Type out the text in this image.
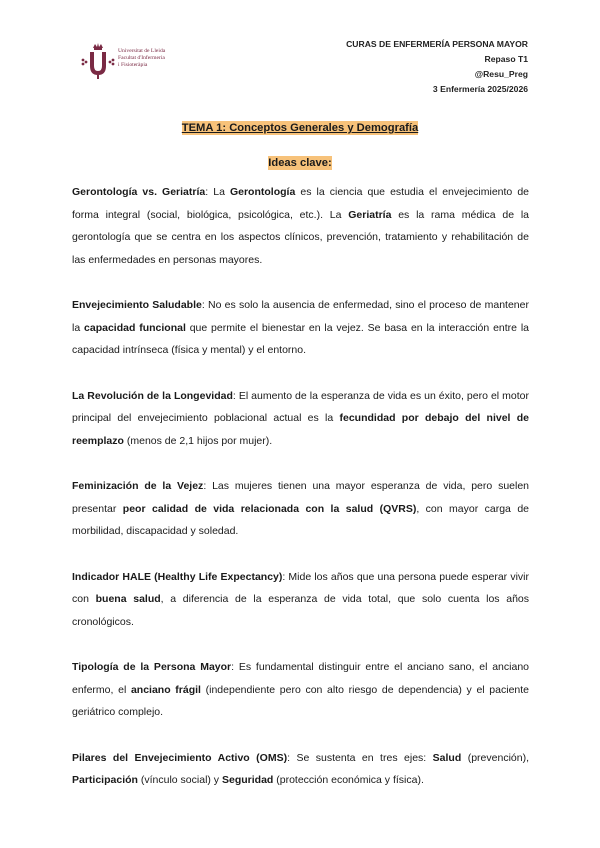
Universitat de Lleida
Facultat d'Infermeria
i Fisioteràpia
CURAS DE ENFERMERÍA PERSONA MAYOR
Repaso T1
@Resu_Preg
3 Enfermería 2025/2026
TEMA 1: Conceptos Generales y Demografía
Ideas clave:

Gerontología vs. Geriatría: La Gerontología es la ciencia que estudia el envejecimiento de forma integral (social, biológica, psicológica, etc.). La Geriatría es la rama médica de la gerontología que se centra en los aspectos clínicos, prevención, tratamiento y rehabilitación de las enfermedades en personas mayores.

Envejecimiento Saludable: No es solo la ausencia de enfermedad, sino el proceso de mantener la capacidad funcional que permite el bienestar en la vejez. Se basa en la interacción entre la capacidad intrínseca (física y mental) y el entorno.

La Revolución de la Longevidad: El aumento de la esperanza de vida es un éxito, pero el motor principal del envejecimiento poblacional actual es la fecundidad por debajo del nivel de reemplazo (menos de 2,1 hijos por mujer).

Feminización de la Vejez: Las mujeres tienen una mayor esperanza de vida, pero suelen presentar peor calidad de vida relacionada con la salud (QVRS), con mayor carga de morbilidad, discapacidad y soledad.

Indicador HALE (Healthy Life Expectancy): Mide los años que una persona puede esperar vivir con buena salud, a diferencia de la esperanza de vida total, que solo cuenta los años cronológicos.

Tipología de la Persona Mayor: Es fundamental distinguir entre el anciano sano, el anciano enfermo, el anciano frágil (independiente pero con alto riesgo de dependencia) y el paciente geriátrico complejo.

Pilares del Envejecimiento Activo (OMS): Se sustenta en tres ejes: Salud (prevención), Participación (vínculo social) y Seguridad (protección económica y física).
